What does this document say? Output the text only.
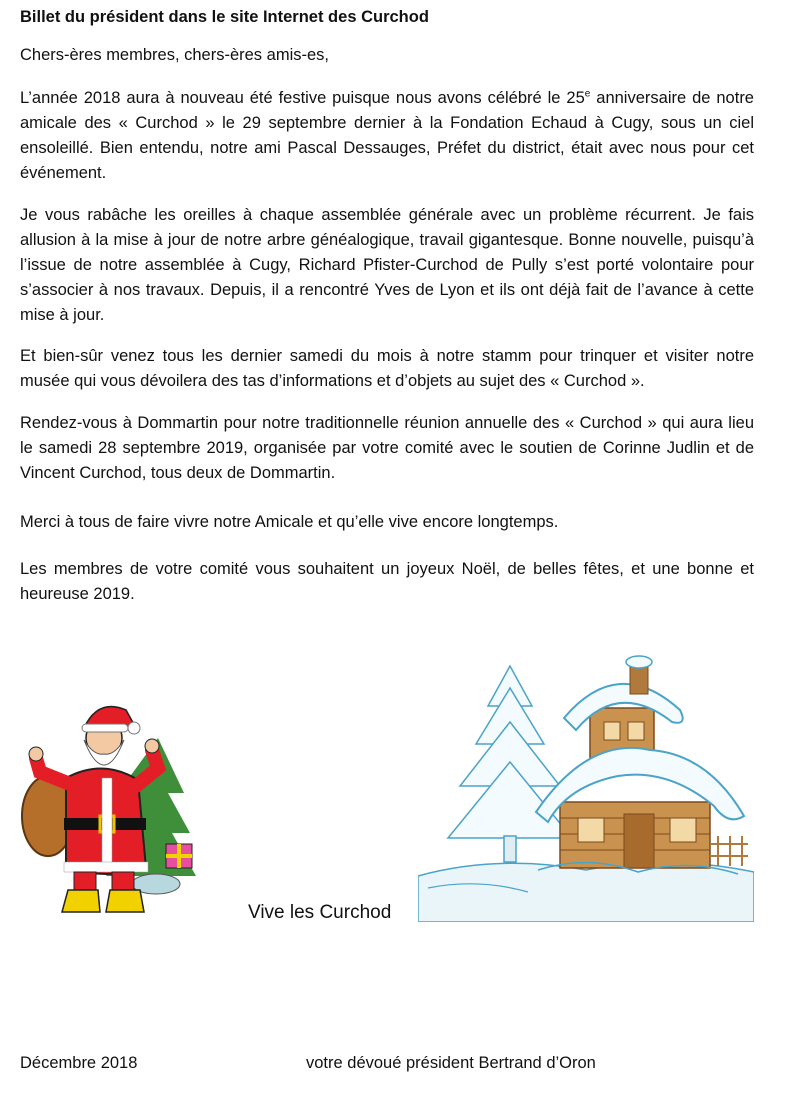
Billet du président dans le site Internet des Curchod
Chers-ères membres, chers-ères amis-es,

L’année 2018 aura à nouveau été festive puisque nous avons célébré le 25e anniversaire de notre amicale des « Curchod » le 29 septembre dernier à la Fondation Echaud à Cugy, sous un ciel ensoleillé. Bien entendu, notre ami Pascal Dessauges, Préfet du district, était avec nous pour cet événement.

Je vous rabâche les oreilles à chaque assemblée générale avec un problème récurrent. Je fais allusion à la mise à jour de notre arbre généalogique, travail gigantesque. Bonne nouvelle, puisqu’à l’issue de notre assemblée à Cugy, Richard Pfister-Curchod de Pully s’est porté volontaire pour s’associer à nos travaux. Depuis, il a rencontré Yves de Lyon et ils ont déjà fait de l’avance à cette mise à jour.

Et bien-sûr venez tous les dernier samedi du mois à notre stamm pour trinquer et visiter notre musée qui vous dévoilera des tas d’informations et d’objets au sujet des « Curchod ».

Rendez-vous à Dommartin pour notre traditionnelle réunion annuelle des « Curchod » qui aura lieu le samedi 28 septembre 2019, organisée par votre comité avec le soutien de Corinne Judlin et de Vincent Curchod, tous deux de Dommartin.

Merci à tous de faire vivre notre Amicale et qu’elle vive encore longtemps.

Les membres de votre comité vous souhaitent un joyeux Noël, de belles fêtes, et une bonne et heureuse 2019.

Vive les Curchod
Décembre 2018	votre dévoué président Bertrand d’Oron
